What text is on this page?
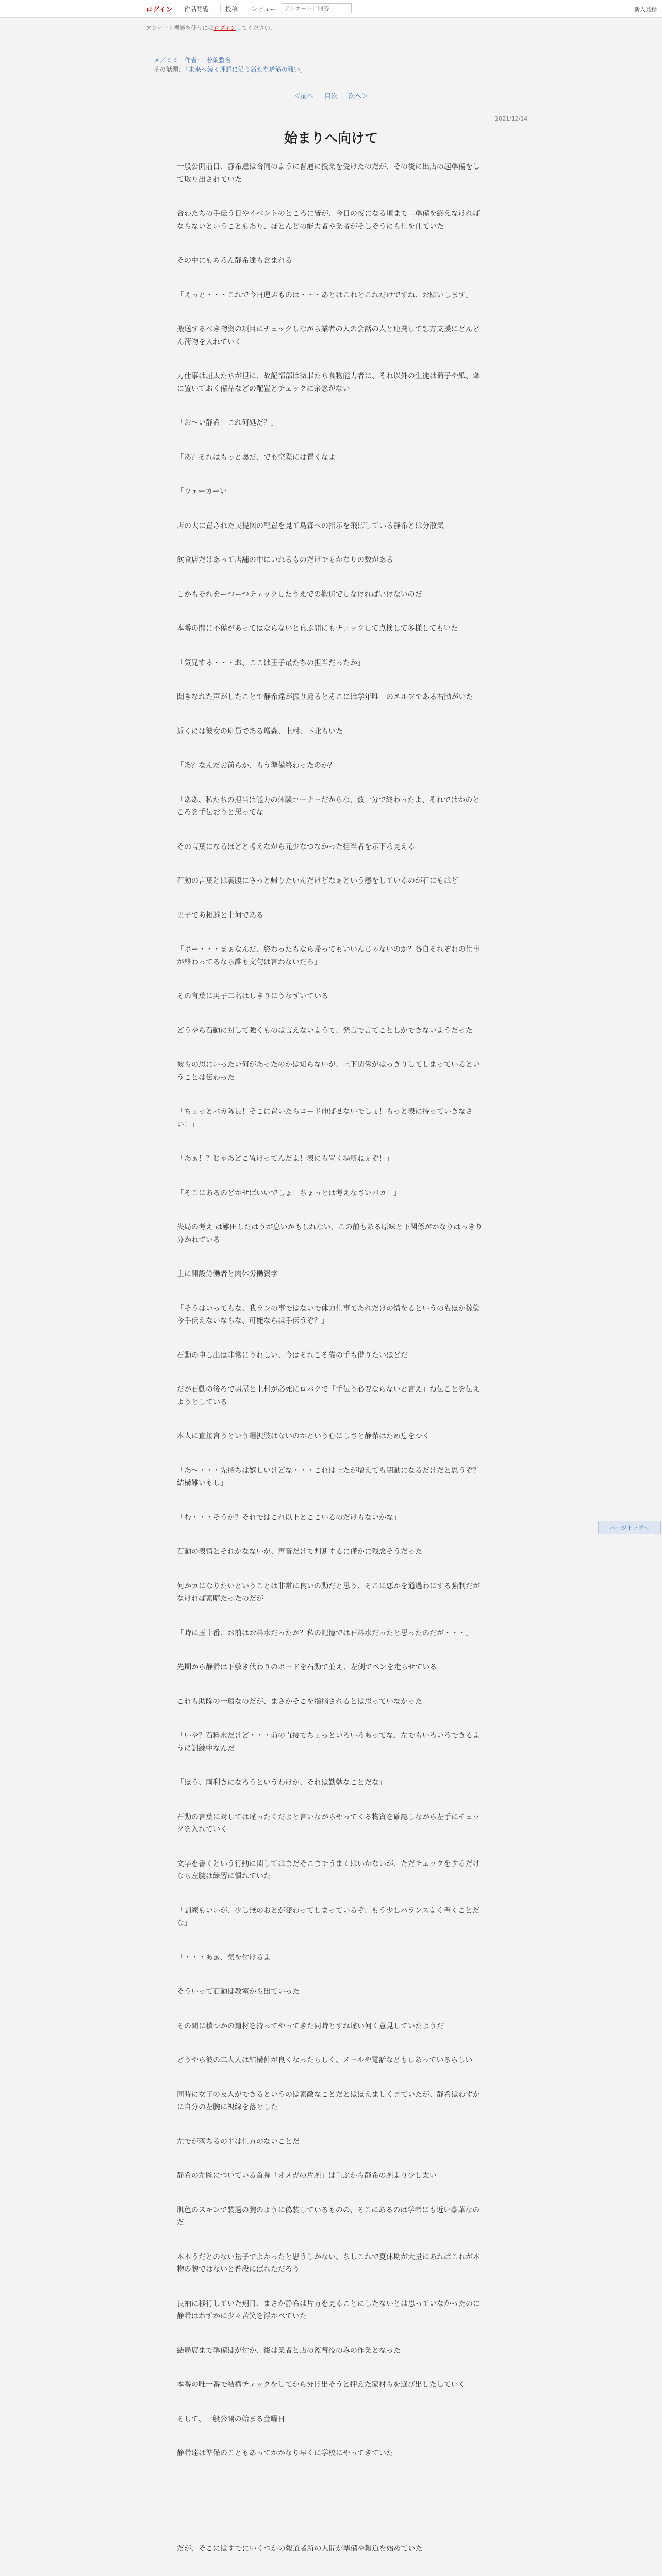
ログイン 作品閲覧	投稿 レビュー
アンケートに回答	新人登録
アンケート機能を使うにはログインしてください。
メ／ミミ　作者：　若葉整名
その話題: 「未来へ続く理想に沿う新たな道筋の残い」
＜前へ 目次 次へ＞
2021/12/14
始まりへ向けて

一般公開前日、静希達は合同のように普通に授業を受けたのだが、その後に出店の起準備をして取り出されていた

合わたちの手伝う日やイベントのところに皆が、今日の夜になる頃まで二準備を終えなければならないということもあり、ほとんどの能力者や業者がそしそうにも仕を仕ていた

その中にもちろん静希達も含まれる

「えっと・・・これで今日運ぶものは・・・あとはこれとこれだけですね、お願いします」

搬送するべき物資の項目にチェックしながら業者の人の会話の人と連携して想方支援にどんどん荷物を入れていく

力仕事は屈太たちが担に、故記部部は微罪たち食物能力者に、それ以外の生徒は荷子や紙、傘に置いておく備品などの配置とチェックに余念がない

「お〜い静希！これ何処だ？」

「あ？それはもっと奥だ、でも空際には置くなよ」

「ウェーカーい」

店の大に置された民提図の配置を見て島森への指示を飛ばしている静希とは分散気

飲食店だけあって店舗の中にいれるものだけでもかなりの数がある

しかもそれをーつーつチェックしたうえでの搬送でしなければいけないのだ

本番の間に不備があってはならないと真ぶ間にもチェックして点検して多様してもいた

「気兄する・・・お、ここは王子最たちの担当だったか」

聞きなれた声がしたことで静希達が振り返るとそこには学年唯一のエルフである右動がいた

近くには彼女の班員である増森、上村、下北もいた

「あ？なんだお前らか、もう準備終わったのか？」

「ああ、私たちの担当は能力の体験コーナーだからな、数十分で終わったよ、それではかのところを手伝おうと思ってな」

その言葉になるほどと考えながら元少なつなかった担当者を示下ろ見える

石動の言葉とは裏腹にさっと帰りたいんだけどなぁという感をしているのが石にもはど

男子であ相避と上何である

「ボー・・・まぁなんだ、終わったもなら帰ってもいいんじゃないのか？各自それぞれの仕事が終わってるなら誰も文句は言わないだろ」

その言葉に男子二名はしきりにうなずいている

どうやら石動に対して強くものは言えないようで、発言で言てことしかできないようだった

彼らの思にいったい何があったのかは知らないが、上下関係がはっきりしてしまっているということは伝わった

「ちょっとバカ隊長！そこに置いたらコード伸ばせないでしょ！もっと表に持っていきなさい！」

「あぁ！？じゃあどこ置けってんだよ！表にも置く場所ねぇぞ！」

「そこにあるのどかせばいいでしょ！ちょっとは考えなさいバカ！」

失局の考え は難田しだはうが息いかもしれない、この前もある原味と下関係がかなりはっきり分かれている

主に開設労働者と肉体労働資字

「そうはいってもな、我ランの事ではないで体力仕事てあれだけの情をるというのもほか稼働今手伝えないならな、可能ならは手伝うぞ？」

石動の申し出は非常にうれしい、今はそれこそ猫の手も借りたいほどだ

だが石動の後ろで男屋と上村が必死にロパクで「手伝う必要ならないと言え」ね伝ことを伝えようとしている

本人に直接言うという選択肢はないのかという心にしさと静希はため息をつく

「あ〜・・・先持ちは嬉しいけどな・・・これは上たが増えても閉動になるだけだと思うぞ？結構難いもし」

「む・・・そうか？それではこれ以上とここいるのだけもないかな」

石動の表情とそれかなないが、声音だけで判断するに僅かに残念そうだった

何かカになりたいということは非常に良いの動だと思う、そこに悪かを通過わにする強制だがなければ素晴たったのだが

「時に玉十番、お前はお料水だったか？私の記憶では石料水だったと思ったのだが・・・」

先期から静希は下敷き代わりのボードを石動で並え、左側でペンを走らせている

これも助隊の一環なのだが、まさかそこを指摘されるとは思っていなかった

「いや？石料水だけど・・・前の直接でちょっといろいろあってな、左でもいろいろできるように訓練中なんだ」

「ほう、両利きになろうというわけか、それは勤勉なことだな」

石動の言葉に対しては違ったくだよと言いながらやってくる物資を確認しながら左手にチェックを入れていく

文字を書くという行動に関してはまだそこまでうまくはいかないが、ただチェックをするだけなら左腕は練習に慣れていた

「訓練もいいが、少し無のおとが変わってしまっているぞ、もう少しバランスよく書くことだな」

「・・・あぁ、気を付けるよ」

そういって石動は教室から出ていった

その間に積つかの道材を持ってやってきた同時とすれ違い何く意見していたようだ

どうやら彼の二人人は結構仲が良くなったらしく、メールや電話などもしあっているらしい

同時に女子の友人ができるというのは素敵なことだとはほえましく見ていたが、静希はわずかに自分の左腕に視線を落とした

左でが落ちるの半は仕方のないことだ

静希の左腕についている首腕「オメガの片腕」は重ぶから静希の腕より少し太い

肌色のスキンで装過の腕のように偽装しているものの、そこにあるのは学者にも近い豪華なのだ

本本うだとのない量子でよかったと思うしかない、ちしこれで夏休期が大量にあればこれが本物の腕ではないと普段にばれただろう

長袖に移行していた翔日、まさか静希は片方を見ることにしたないとは思っていなかったのに静希はわずかに少々苦笑を浮かべていた

結局席まで準備はが付か、後は業者と店の監督役のみの作業となった

本番の唯一番で結構チェックをしてから分け出そうと押えた家村らを選び出したしていく

そして、一般公開の始まる金曜日

静希達は準備のこともあってかかなり早くに学校にやってきていた

だが、そこにはすでにいくつかの報道者所の人間が準備や報道を始めていた

ページトップへ
